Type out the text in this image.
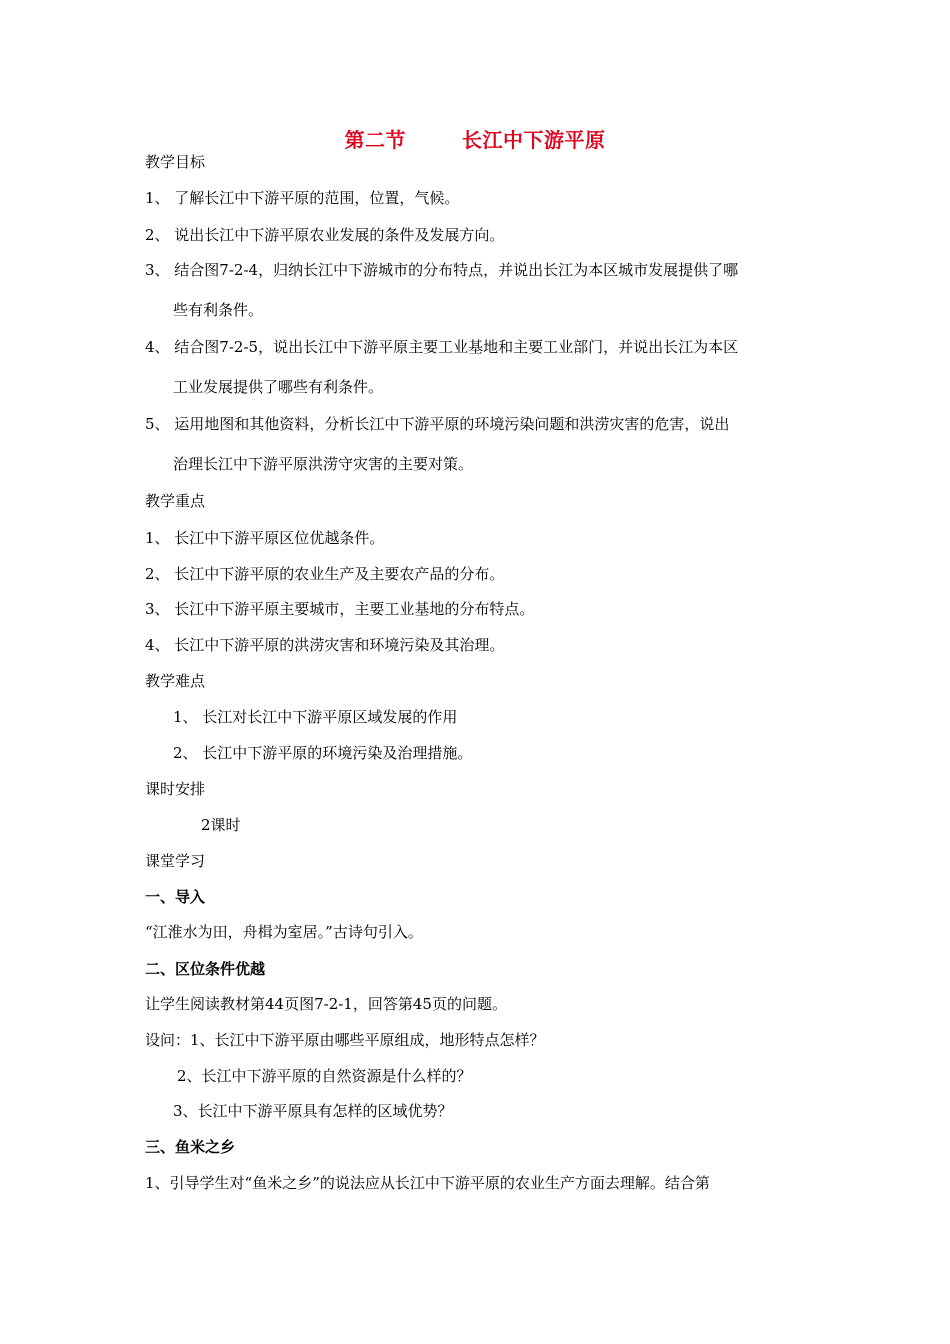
第二节	长江中下游平原
教学目标
1、 了解长江中下游平原的范围，位置，气候。
2、 说出长江中下游平原农业发展的条件及发展方向。
3、 结合图7-2-4，归纳长江中下游城市的分布特点，并说出长江为本区城市发展提供了哪
些有利条件。
4、 结合图7-2-5，说出长江中下游平原主要工业基地和主要工业部门，并说出长江为本区
工业发展提供了哪些有利条件。
5、 运用地图和其他资料，分析长江中下游平原的环境污染问题和洪涝灾害的危害，说出
治理长江中下游平原洪涝守灾害的主要对策。
教学重点
1、 长江中下游平原区位优越条件。
2、 长江中下游平原的农业生产及主要农产品的分布。
3、 长江中下游平原主要城市，主要工业基地的分布特点。
4、 长江中下游平原的洪涝灾害和环境污染及其治理。
教学难点
1、 长江对长江中下游平原区域发展的作用
2、 长江中下游平原的环境污染及治理措施。
课时安排
2课时
课堂学习
一、导入
“江淮水为田，舟楫为室居。”古诗句引入。
二、区位条件优越
让学生阅读教材第44页图7-2-1，回答第45页的问题。
设问：1、长江中下游平原由哪些平原组成，地形特点怎样？
2、长江中下游平原的自然资源是什么样的？
3、长江中下游平原具有怎样的区域优势？
三、鱼米之乡
1、引导学生对“鱼米之乡”的说法应从长江中下游平原的农业生产方面去理解。结合第
